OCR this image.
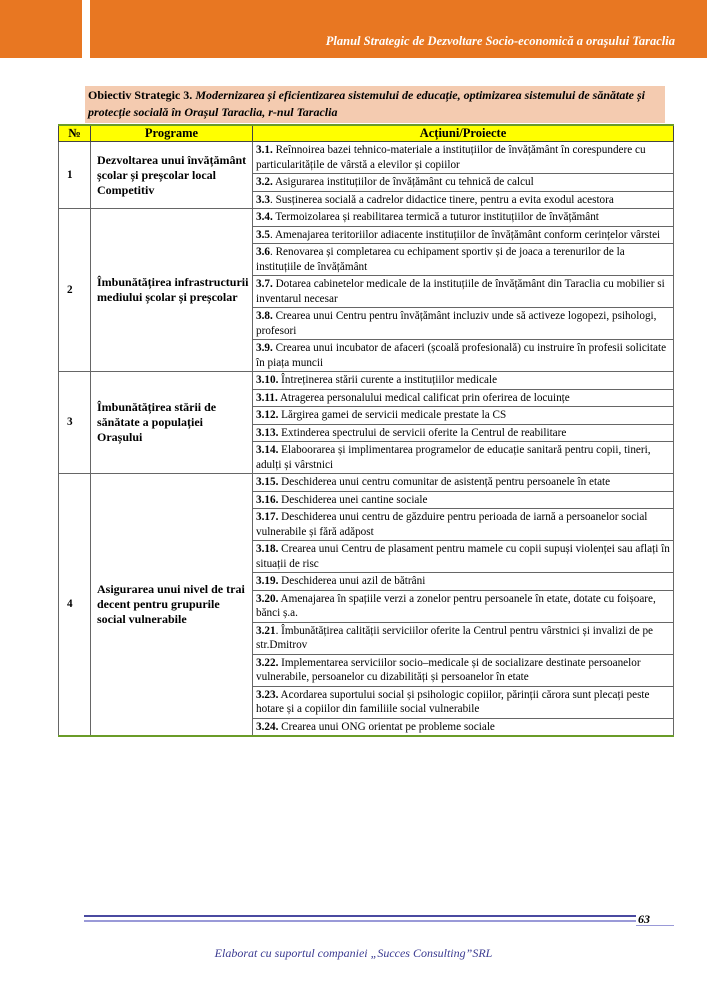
Planul Strategic de Dezvoltare Socio-economică a orașului Taraclia
Obiectiv Strategic 3. Modernizarea și eficientizarea sistemului de educație, optimizarea sistemului de sănătate și protecție socială în Orașul Taraclia, r-nul Taraclia
№	Programe	Acțiuni/Proiecte
1	Dezvoltarea unui învățământ școlar și preșcolar local Competitiv	3.1. Reînnoirea bazei tehnico-materiale a instituțiilor de învățământ în corespundere cu particularitățile de vârstă a elevilor și copiilor
		3.2. Asigurarea instituțiilor de învățământ cu tehnică de calcul
		3.3. Susținerea socială a cadrelor didactice tinere, pentru a evita exodul acestora
2	Îmbunătățirea infrastructurii mediului școlar și preșcolar	3.4. Termoizolarea și reabilitarea termică a tuturor instituțiilor de învățământ
		3.5. Amenajarea teritoriilor adiacente instituțiilor de învățământ conform cerințelor vârstei
		3.6. Renovarea și completarea cu echipament sportiv și de joaca a terenurilor de la instituțiile de învățământ
		3.7. Dotarea cabinetelor medicale de la instituțiile de învățământ din Taraclia cu mobilier si inventarul necesar
		3.8. Crearea unui Centru pentru învățământ incluziv unde să activeze logopezi, psihologi, profesori
		3.9. Crearea unui incubator de afaceri (școală profesională) cu instruire în profesii solicitate în piața muncii
3	Îmbunătățirea stării de sănătate a populației Orașului	3.10. Întreținerea stării curente a instituțiilor medicale
		3.11. Atragerea personalului medical calificat prin oferirea de locuințe
		3.12. Lărgirea gamei de servicii medicale prestate la CS
		3.13. Extinderea spectrului de servicii oferite la Centrul de reabilitare
		3.14. Elaboorarea și implimentarea programelor de educație sanitară pentru copii, tineri, adulți și vârstnici
4	Asigurarea unui nivel de trai decent pentru grupurile social vulnerabile	3.15. Deschiderea unui centru comunitar de asistență pentru persoanele în etate
		3.16. Deschiderea unei cantine sociale
		3.17. Deschiderea unui centru de găzduire pentru perioada de iarnă a persoanelor social vulnerabile și fără adăpost
		3.18. Crearea unui Centru de plasament pentru mamele cu copii supuși violenței sau aflați în situații de risc
		3.19. Deschiderea unui azil de bătrâni
		3.20. Amenajarea în spațiile verzi a zonelor pentru persoanele în etate, dotate cu foișoare, bănci ș.a.
		3.21. Îmbunătățirea calității serviciilor oferite la Centrul pentru vârstnici și invalizi de pe str.Dmitrov
		3.22. Implementarea serviciilor socio–medicale și de socializare destinate persoanelor vulnerabile, persoanelor cu dizabilități și persoanelor în etate
		3.23. Acordarea suportului social și psihologic copiilor, părinții cărora sunt plecați peste hotare și a copiilor din familiile social vulnerabile
		3.24. Crearea unui ONG orientat pe probleme sociale
63
Elaborat cu suportul companiei „Succes Consulting”SRL
